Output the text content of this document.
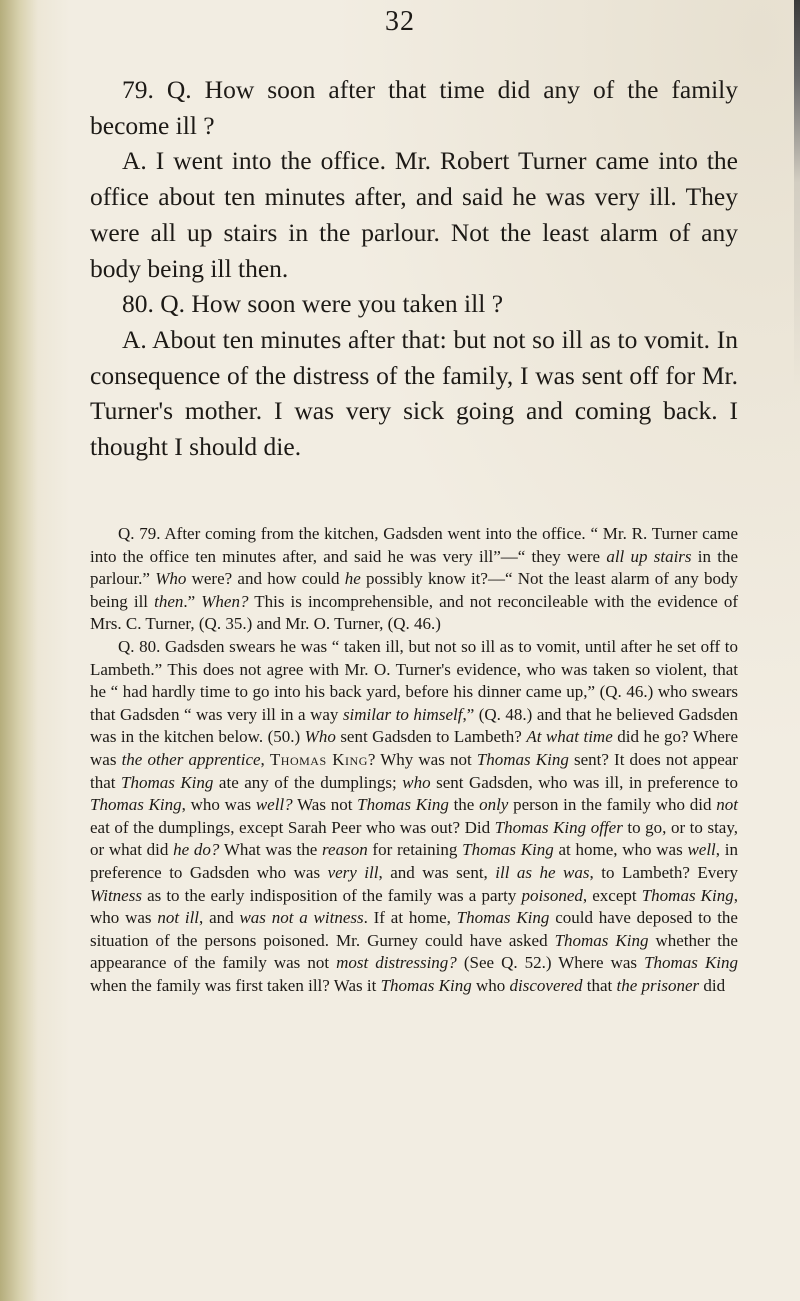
32

79. Q. How soon after that time did any of the family become ill ?

A. I went into the office. Mr. Robert Turner came into the office about ten minutes after, and said he was very ill. They were all up stairs in the parlour. Not the least alarm of any body being ill then.

80. Q. How soon were you taken ill ?

A. About ten minutes after that: but not so ill as to vomit. In consequence of the distress of the family, I was sent off for Mr. Turner's mother. I was very sick going and coming back. I thought I should die.

Q. 79. After coming from the kitchen, Gadsden went into the office. “ Mr. R. Turner came into the office ten minutes after, and said he was very ill”—“ they were all up stairs in the parlour.” Who were? and how could he possibly know it?—“ Not the least alarm of any body being ill then.” When? This is incomprehensible, and not reconcileable with the evidence of Mrs. C. Turner, (Q. 35.) and Mr. O. Turner, (Q. 46.)

Q. 80. Gadsden swears he was “ taken ill, but not so ill as to vomit, until after he set off to Lambeth.” This does not agree with Mr. O. Turner's evidence, who was taken so violent, that he “ had hardly time to go into his back yard, before his dinner came up,” (Q. 46.) who swears that Gadsden “ was very ill in a way similar to himself,” (Q. 48.) and that he believed Gadsden was in the kitchen below. (50.) Who sent Gadsden to Lambeth? At what time did he go? Where was the other apprentice, Thomas King? Why was not Thomas King sent? It does not appear that Thomas King ate any of the dumplings; who sent Gadsden, who was ill, in preference to Thomas King, who was well? Was not Thomas King the only person in the family who did not eat of the dumplings, except Sarah Peer who was out? Did Thomas King offer to go, or to stay, or what did he do? What was the reason for retaining Thomas King at home, who was well, in preference to Gadsden who was very ill, and was sent, ill as he was, to Lambeth? Every Witness as to the early indisposition of the family was a party poisoned, except Thomas King, who was not ill, and was not a witness. If at home, Thomas King could have deposed to the situation of the persons poisoned. Mr. Gurney could have asked Thomas King whether the appearance of the family was not most distressing? (See Q. 52.) Where was Thomas King when the family was first taken ill? Was it Thomas King who discovered that the prisoner did
